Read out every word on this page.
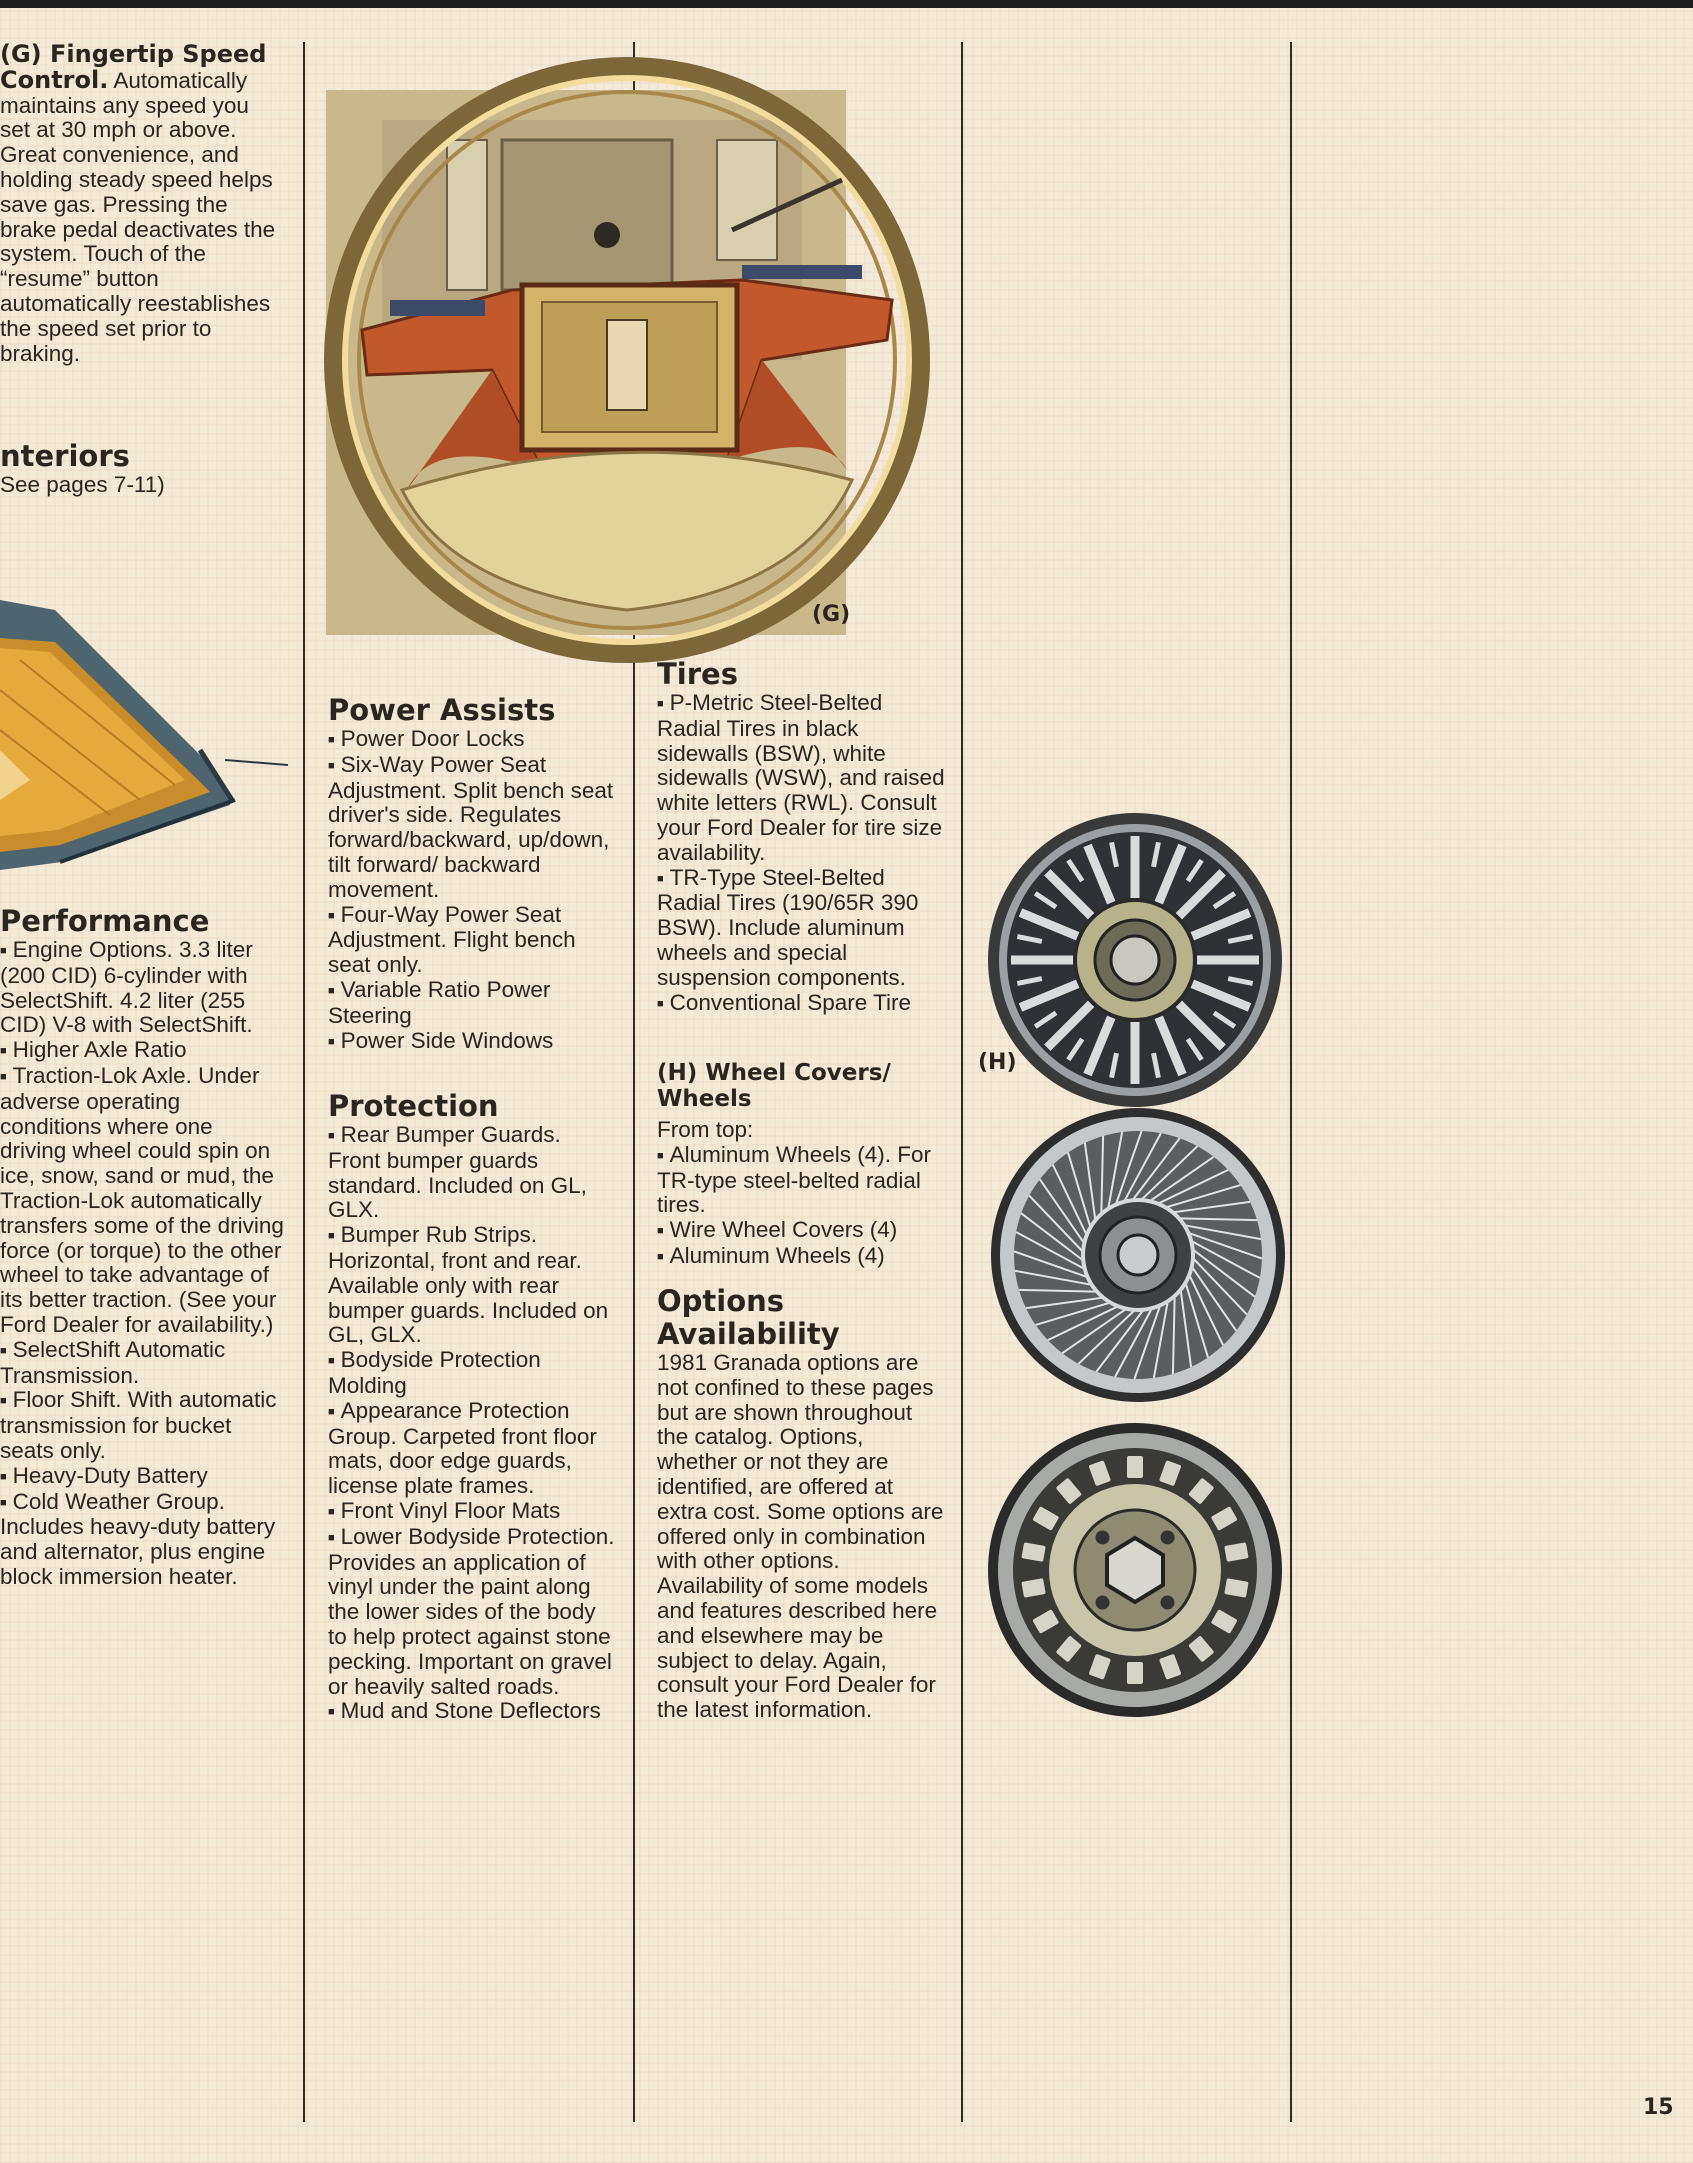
(G) Fingertip Speed Control. Automatically maintains any speed you set at 30 mph or above. Great convenience, and holding steady speed helps save gas. Pressing the brake pedal deactivates the system. Touch of the “resume” button automatically reestablishes the speed set prior to braking.

nteriors

See pages 7-11)

Performance

■ Engine Options. 3.3 liter (200 CID) 6-cylinder with SelectShift. 4.2 liter (255 CID) V-8 with SelectShift.

■ Higher Axle Ratio

■ Traction-Lok Axle. Under adverse operating conditions where one driving wheel could spin on ice, snow, sand or mud, the Traction-Lok automatically transfers some of the driving force (or torque) to the other wheel to take advantage of its better traction. (See your Ford Dealer for availability.)

■ SelectShift Automatic Transmission.

■ Floor Shift. With automatic transmission for bucket seats only.

■ Heavy-Duty Battery

■ Cold Weather Group. Includes heavy-duty battery and alternator, plus engine block immersion heater.

(G)

Power Assists

■ Power Door Locks

■ Six-Way Power Seat Adjustment. Split bench seat driver's side. Regulates forward/backward, up/down, tilt forward/ backward movement.

■ Four-Way Power Seat Adjustment. Flight bench seat only.

■ Variable Ratio Power Steering

■ Power Side Windows

Protection

■ Rear Bumper Guards. Front bumper guards standard. Included on GL, GLX.

■ Bumper Rub Strips. Horizontal, front and rear. Available only with rear bumper guards. Included on GL, GLX.

■ Bodyside Protection Molding

■ Appearance Protection Group. Carpeted front floor mats, door edge guards, license plate frames.

■ Front Vinyl Floor Mats

■ Lower Bodyside Protection. Provides an application of vinyl under the paint along the lower sides of the body to help protect against stone pecking. Important on gravel or heavily salted roads.

■ Mud and Stone Deflectors

Tires

■ P-Metric Steel-Belted Radial Tires in black sidewalls (BSW), white sidewalls (WSW), and raised white letters (RWL). Consult your Ford Dealer for tire size availability.

■ TR-Type Steel-Belted Radial Tires (190/65R 390 BSW). Include aluminum wheels and special suspension components.

■ Conventional Spare Tire

(H) Wheel Covers/ Wheels

From top:

■ Aluminum Wheels (4). For TR-type steel-belted radial tires.

■ Wire Wheel Covers (4)

■ Aluminum Wheels (4)

Options Availability

1981 Granada options are not confined to these pages but are shown throughout the catalog. Options, whether or not they are identified, are offered at extra cost. Some options are offered only in combination with other options. Availability of some models and features described here and elsewhere may be subject to delay. Again, consult your Ford Dealer for the latest information.

(H)
15
